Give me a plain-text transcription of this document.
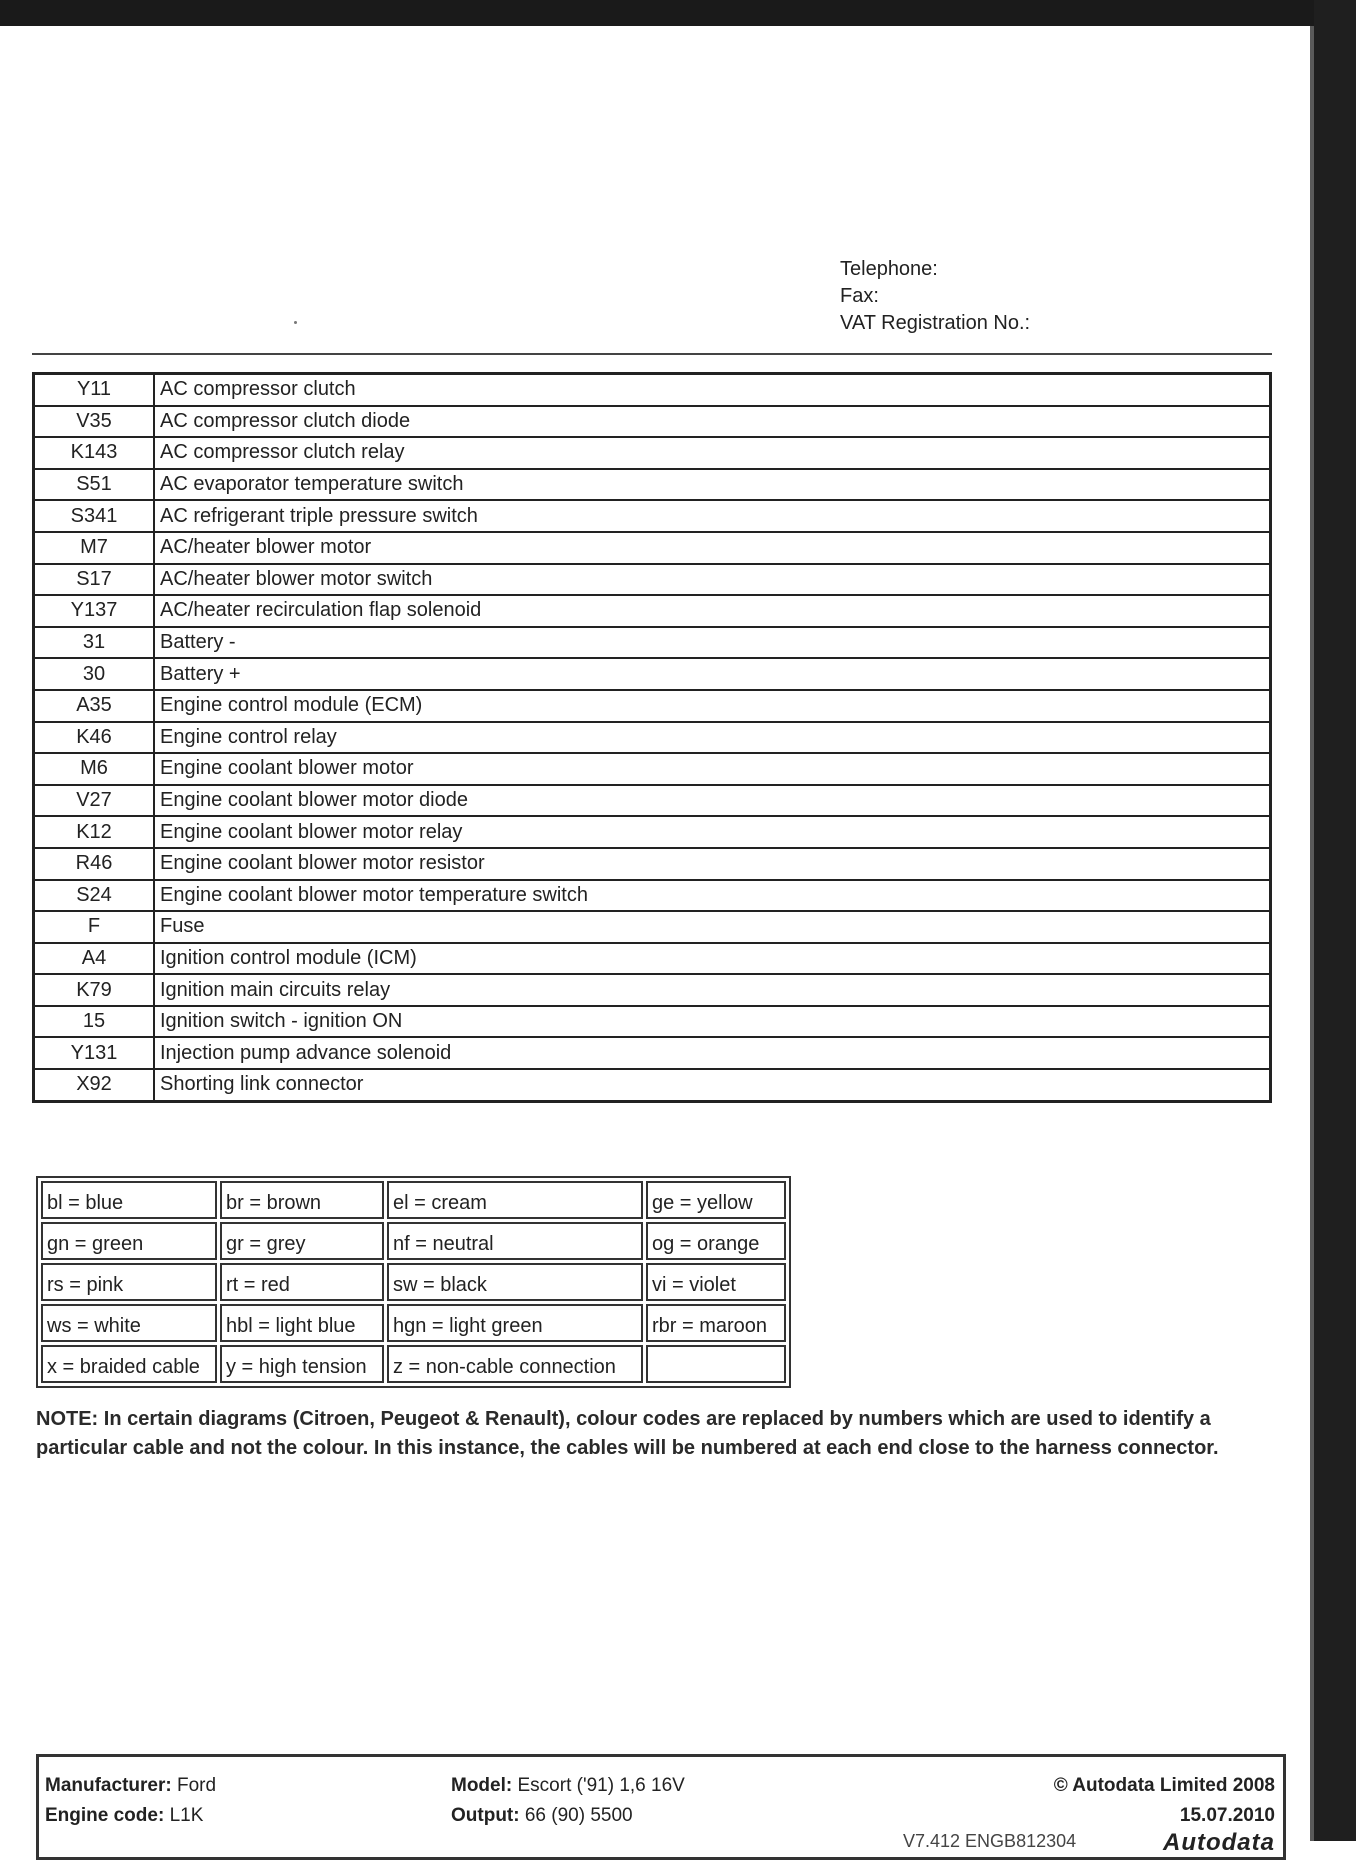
Telephone:
Fax:
VAT Registration No.:
Y11	AC compressor clutch
V35	AC compressor clutch diode
K143	AC compressor clutch relay
S51	AC evaporator temperature switch
S341	AC refrigerant triple pressure switch
M7	AC/heater blower motor
S17	AC/heater blower motor switch
Y137	AC/heater recirculation flap solenoid
31	Battery -
30	Battery +
A35	Engine control module (ECM)
K46	Engine control relay
M6	Engine coolant blower motor
V27	Engine coolant blower motor diode
K12	Engine coolant blower motor relay
R46	Engine coolant blower motor resistor
S24	Engine coolant blower motor temperature switch
F	Fuse
A4	Ignition control module (ICM)
K79	Ignition main circuits relay
15	Ignition switch - ignition ON
Y131	Injection pump advance solenoid
X92	Shorting link connector
bl = blue	br = brown	el = cream	ge = yellow
gn = green	gr = grey	nf = neutral	og = orange
rs = pink	rt = red	sw = black	vi = violet
ws = white	hbl = light blue	hgn = light green	rbr = maroon
x = braided cable	y = high tension	z = non-cable connection	
NOTE: In certain diagrams (Citroen, Peugeot & Renault), colour codes are replaced by numbers which are used to identify a particular cable and not the colour. In this instance, the cables will be numbered at each end close to the harness connector.
Manufacturer: Ford
Engine code: L1K
Model: Escort ('91) 1,6 16V
Output: 66 (90) 5500
© Autodata Limited 2008
15.07.2010
V7.412 ENGB812304	Autodata
